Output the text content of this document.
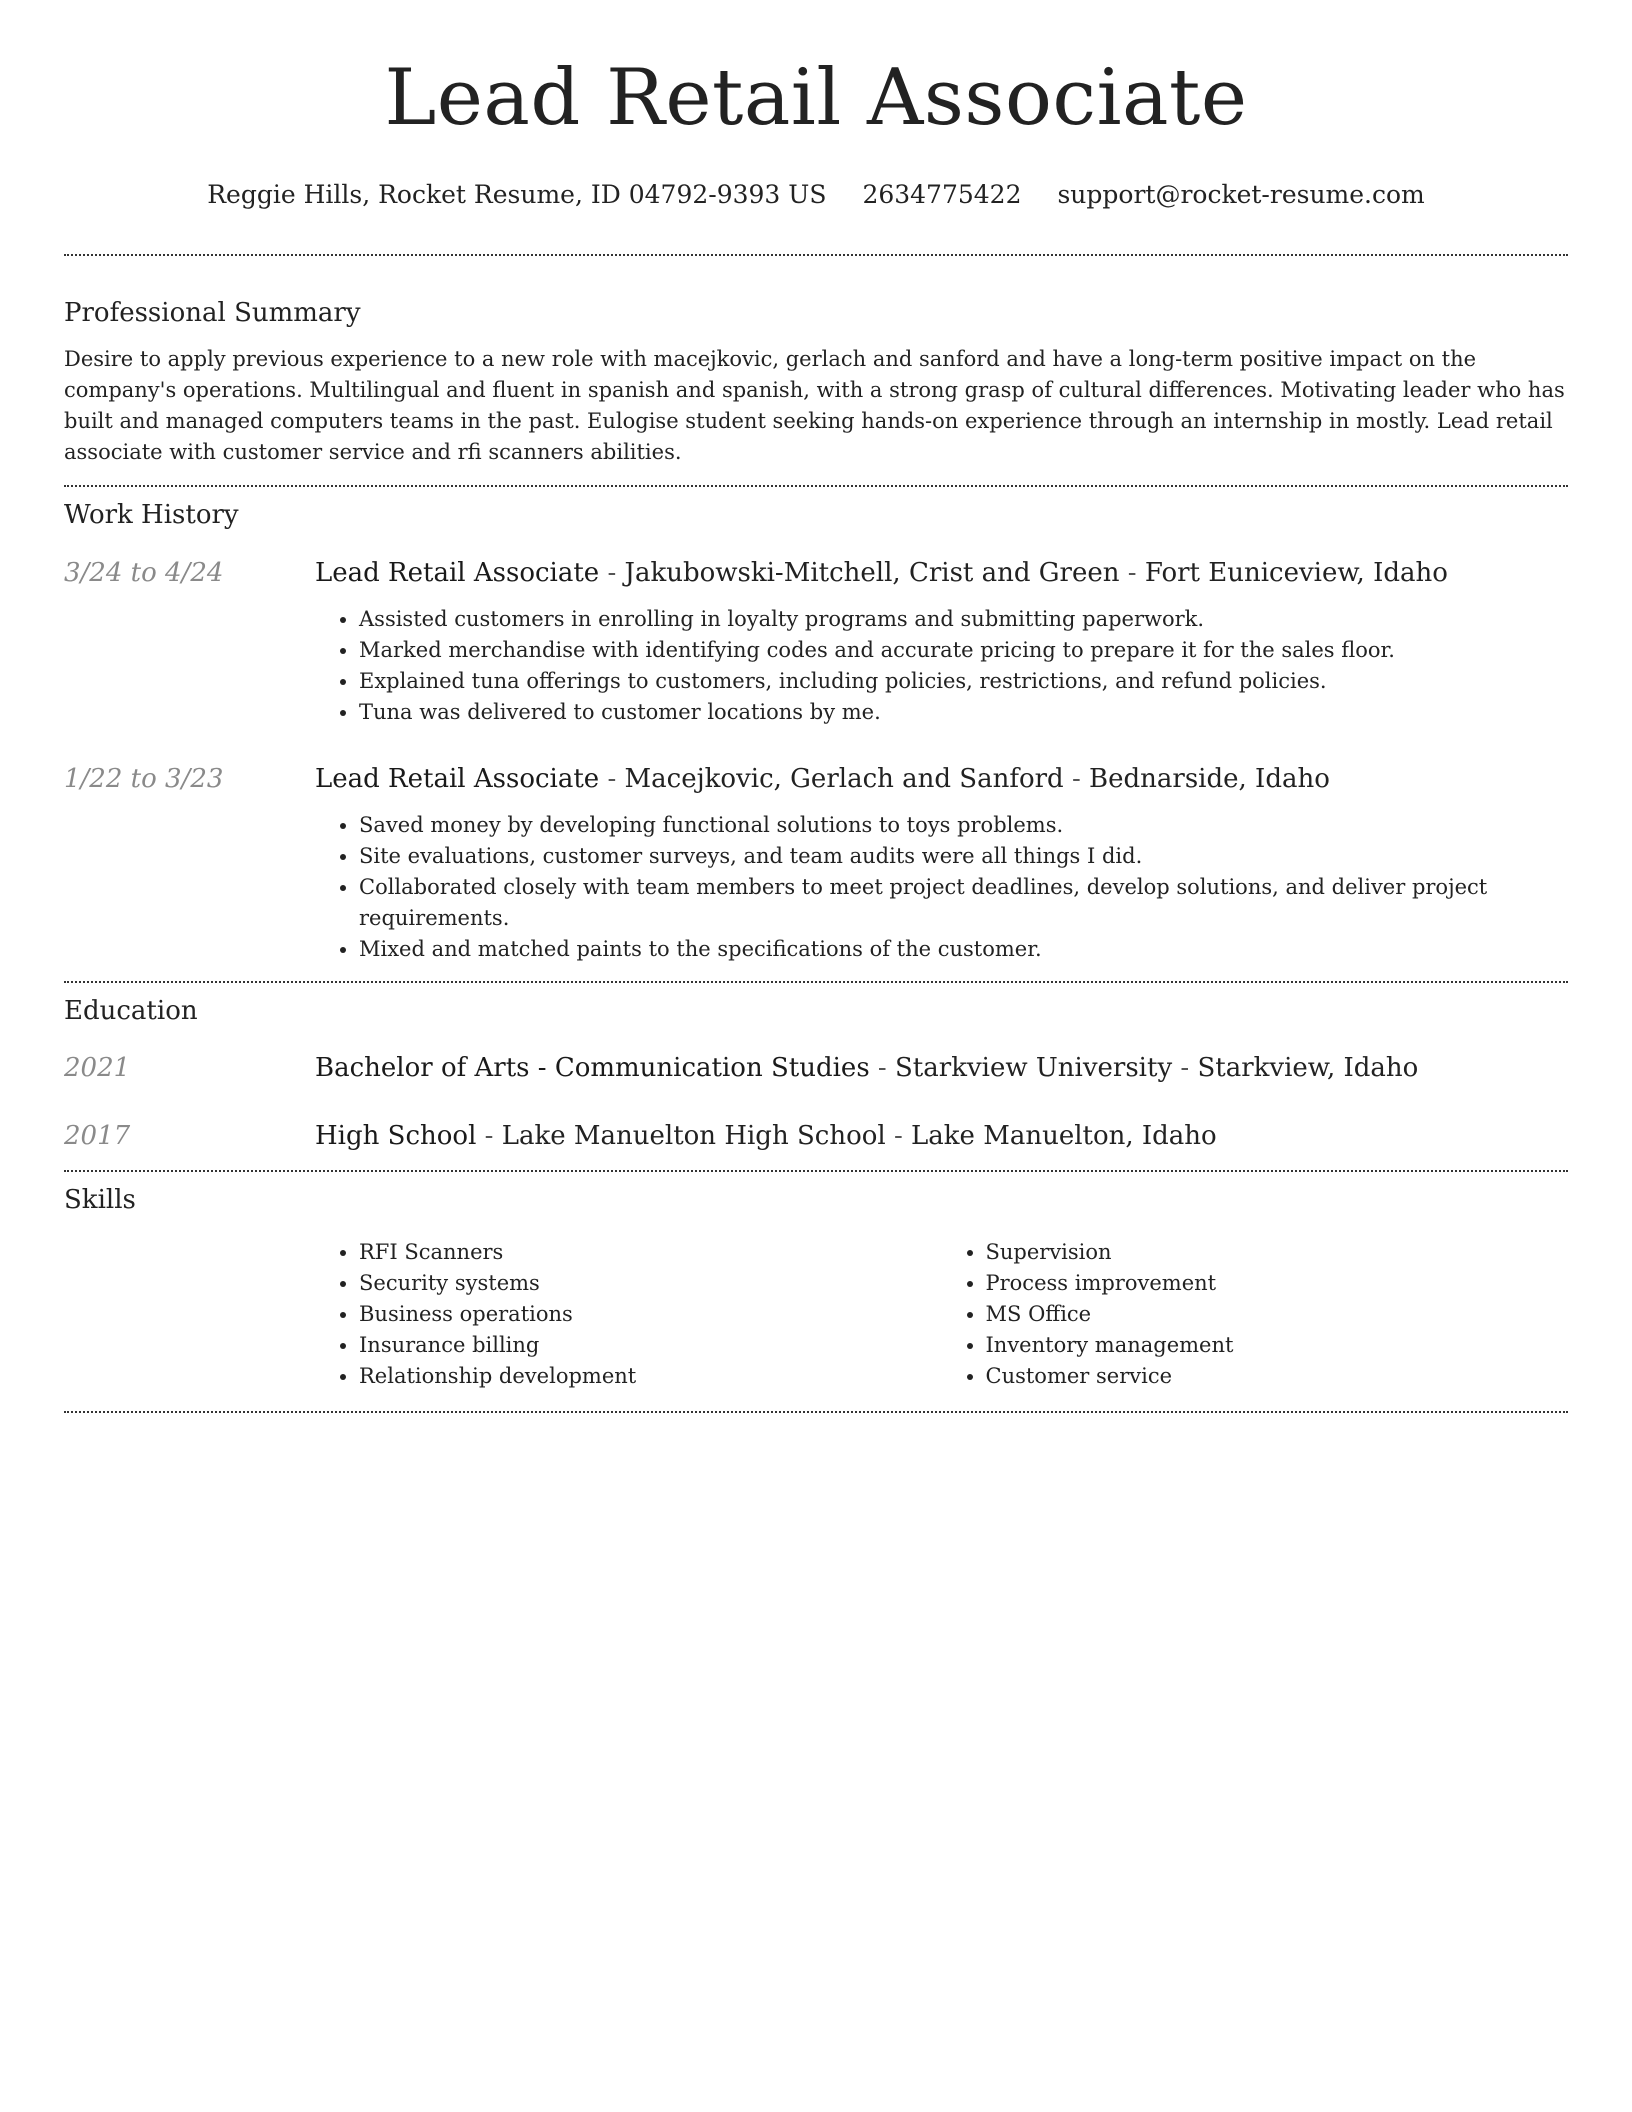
Lead Retail Associate
Reggie Hills, Rocket Resume, ID 04792-9393 US 2634775422 support@rocket-resume.com
Professional Summary

Desire to apply previous experience to a new role with macejkovic, gerlach and sanford and have a long-term positive impact on the company's operations. Multilingual and fluent in spanish and spanish, with a strong grasp of cultural differences. Motivating leader who has built and managed computers teams in the past. Eulogise student seeking hands-on experience through an internship in mostly. Lead retail associate with customer service and rfi scanners abilities.

Work History
3/24 to 4/24	Lead Retail Associate - Jakubowski-Mitchell, Crist and Green - Fort Euniceview, Idaho

• Assisted customers in enrolling in loyalty programs and submitting paperwork.
• Marked merchandise with identifying codes and accurate pricing to prepare it for the sales floor.
• Explained tuna offerings to customers, including policies, restrictions, and refund policies.
• Tuna was delivered to customer locations by me.
1/22 to 3/23	Lead Retail Associate - Macejkovic, Gerlach and Sanford - Bednarside, Idaho

• Saved money by developing functional solutions to toys problems.
• Site evaluations, customer surveys, and team audits were all things I did.
• Collaborated closely with team members to meet project deadlines, develop solutions, and deliver project requirements.
• Mixed and matched paints to the specifications of the customer.
Education
2021	Bachelor of Arts - Communication Studies - Starkview University - Starkview, Idaho

2017	High School - Lake Manuelton High School - Lake Manuelton, Idaho

Skills
• RFI Scanners
• Security systems
• Business operations
• Insurance billing
• Relationship development
• Supervision
• Process improvement
• MS Office
• Inventory management
• Customer service
